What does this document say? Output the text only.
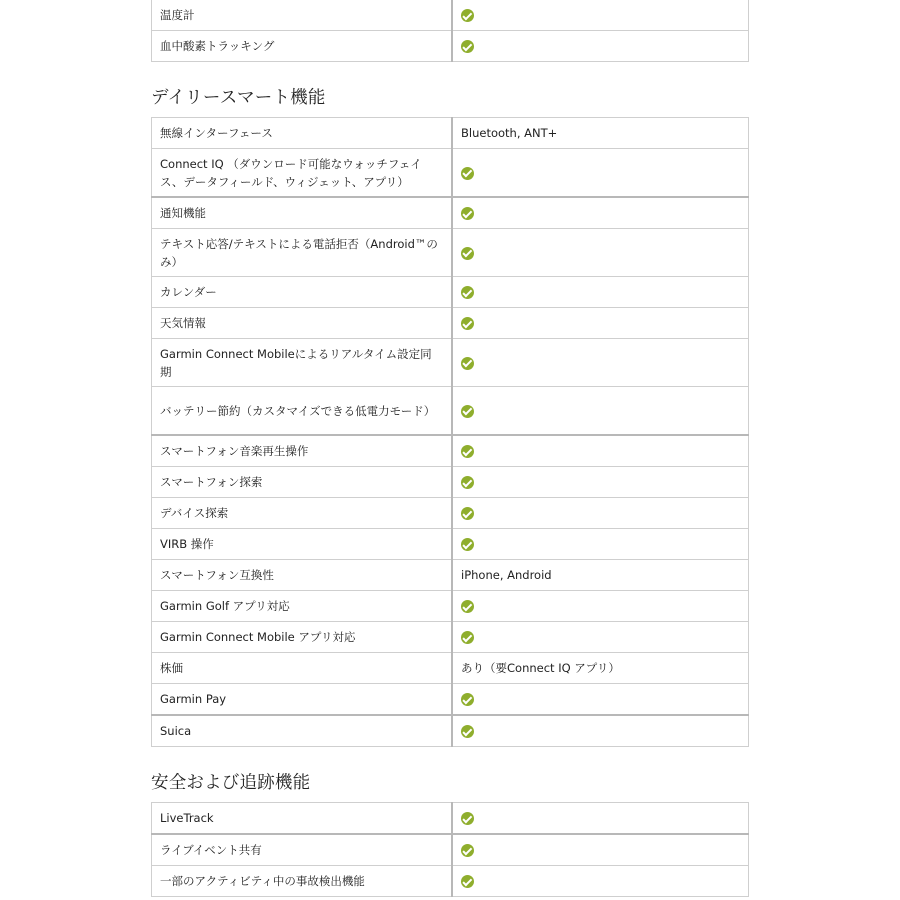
温度計	
血中酸素トラッキング	
デイリースマート機能
無線インターフェース	Bluetooth, ANT+
Connect IQ （ダウンロード可能なウォッチフェイス、データフィールド、ウィジェット、アプリ）	
通知機能	
テキスト応答/テキストによる電話拒否（Android™のみ）	
カレンダー	
天気情報	
Garmin Connect Mobileによるリアルタイム設定同期	
バッテリー節約（カスタマイズできる低電力モード）	
スマートフォン音楽再生操作	
スマートフォン探索	
デバイス探索	
VIRB 操作	
スマートフォン互換性	iPhone, Android
Garmin Golf アプリ対応	
Garmin Connect Mobile アプリ対応	
株価	あり（要Connect IQ アプリ）
Garmin Pay	
Suica	
安全および追跡機能
LiveTrack	
ライブイベント共有	
一部のアクティビティ中の事故検出機能	
